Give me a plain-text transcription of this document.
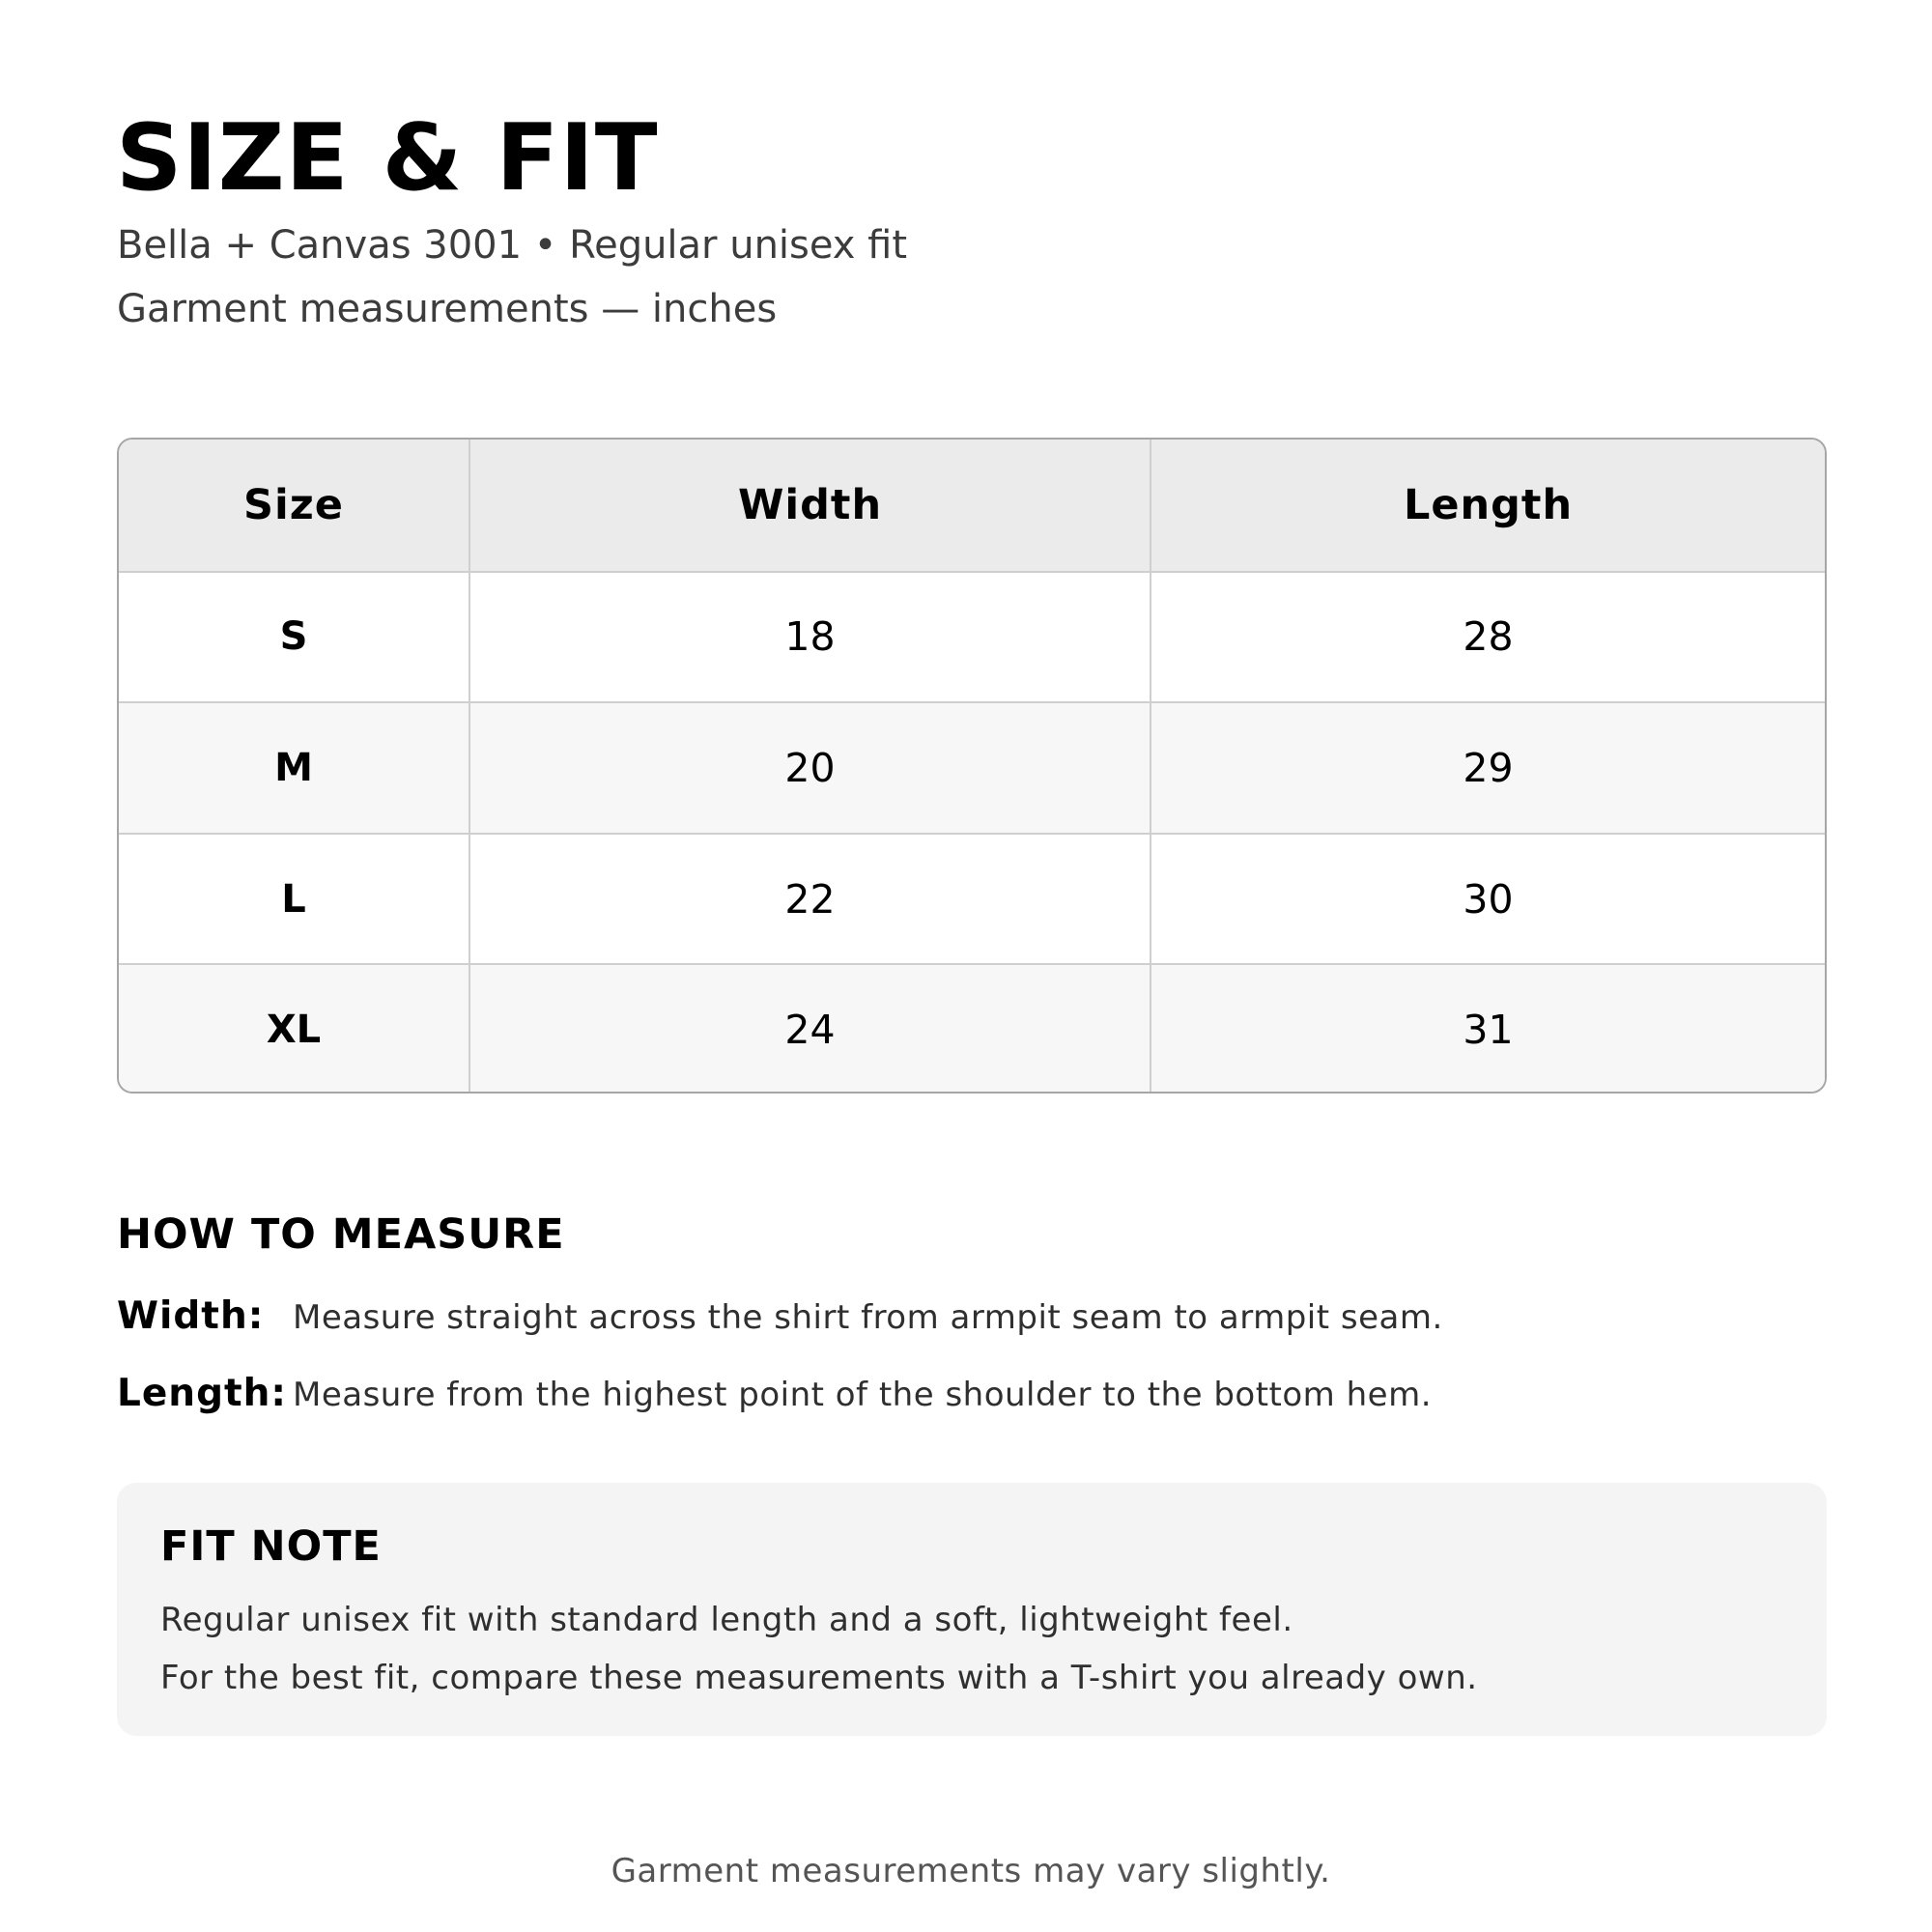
SIZE & FIT

Bella + Canvas 3001 • Regular unisex fit

Garment measurements — inches

Size	Width	Length
S	18	28
M	20	29
L	22	30
XL	24	31
HOW TO MEASURE
Width: Measure straight across the shirt from armpit seam to armpit seam.
Length: Measure from the highest point of the shoulder to the bottom hem.
FIT NOTE

Regular unisex fit with standard length and a soft, lightweight feel.

For the best fit, compare these measurements with a T-shirt you already own.

Garment measurements may vary slightly.
